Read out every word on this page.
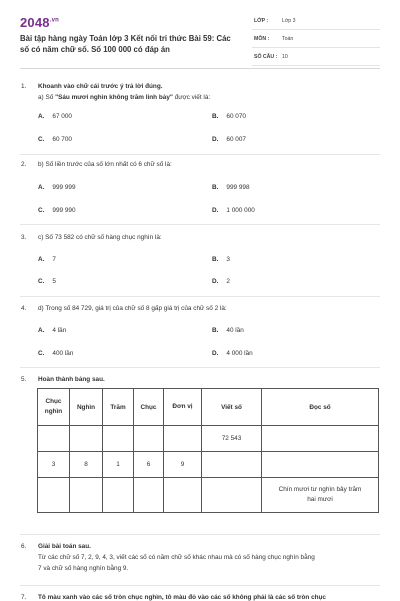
$2048^{.vn}$
Bài tập hàng ngày Toán lớp 3 Kết nối tri thức Bài 59: Các số có năm chữ số. Số 100 000 có đáp án
LỚP :	Lớp 3
MÔN : Toán
SỐ CÂU : 10
1. Khoanh vào chữ cái trước ý trả lời đúng.
a) Số "Sáu mươi nghìn không trăm linh bảy" được viết là:
A. 67 000	B. 60 070
C. 60 700	D. 60 007
2. b) Số liền trước của số lớn nhất có 6 chữ số là:
A. 999 999	B. 999 998
C. 999 990	D. 1 000 000
3. c) Số 73 582 có chữ số hàng chục nghìn là:
A. 7	B. 3
C. 5	D. 2
4. d) Trong số 84 729, giá trị của chữ số 8 gấp giá trị của chữ số 2 là:
A. 4 lần	B. 40 lần
C. 400 lần	D. 4 000 lần
5. Hoàn thành bảng sau.
Chục nghìn	Nghìn	Trăm	Chục	Đơn vị	Viết số	Đọc số
					72 543	
3	8	1	6	9		
						Chín mươi tư nghìn bảy trăm hai mươi
6. Giải bài toán sau.
Từ các chữ số 7, 2, 9, 4, 3, viết các số có năm chữ số khác nhau mà có số hàng chục nghìn bằng
7 và chữ số hàng nghìn bằng 9.
7. Tô màu xanh vào các số tròn chục nghìn, tô màu đỏ vào các số không phải là các số tròn chục
